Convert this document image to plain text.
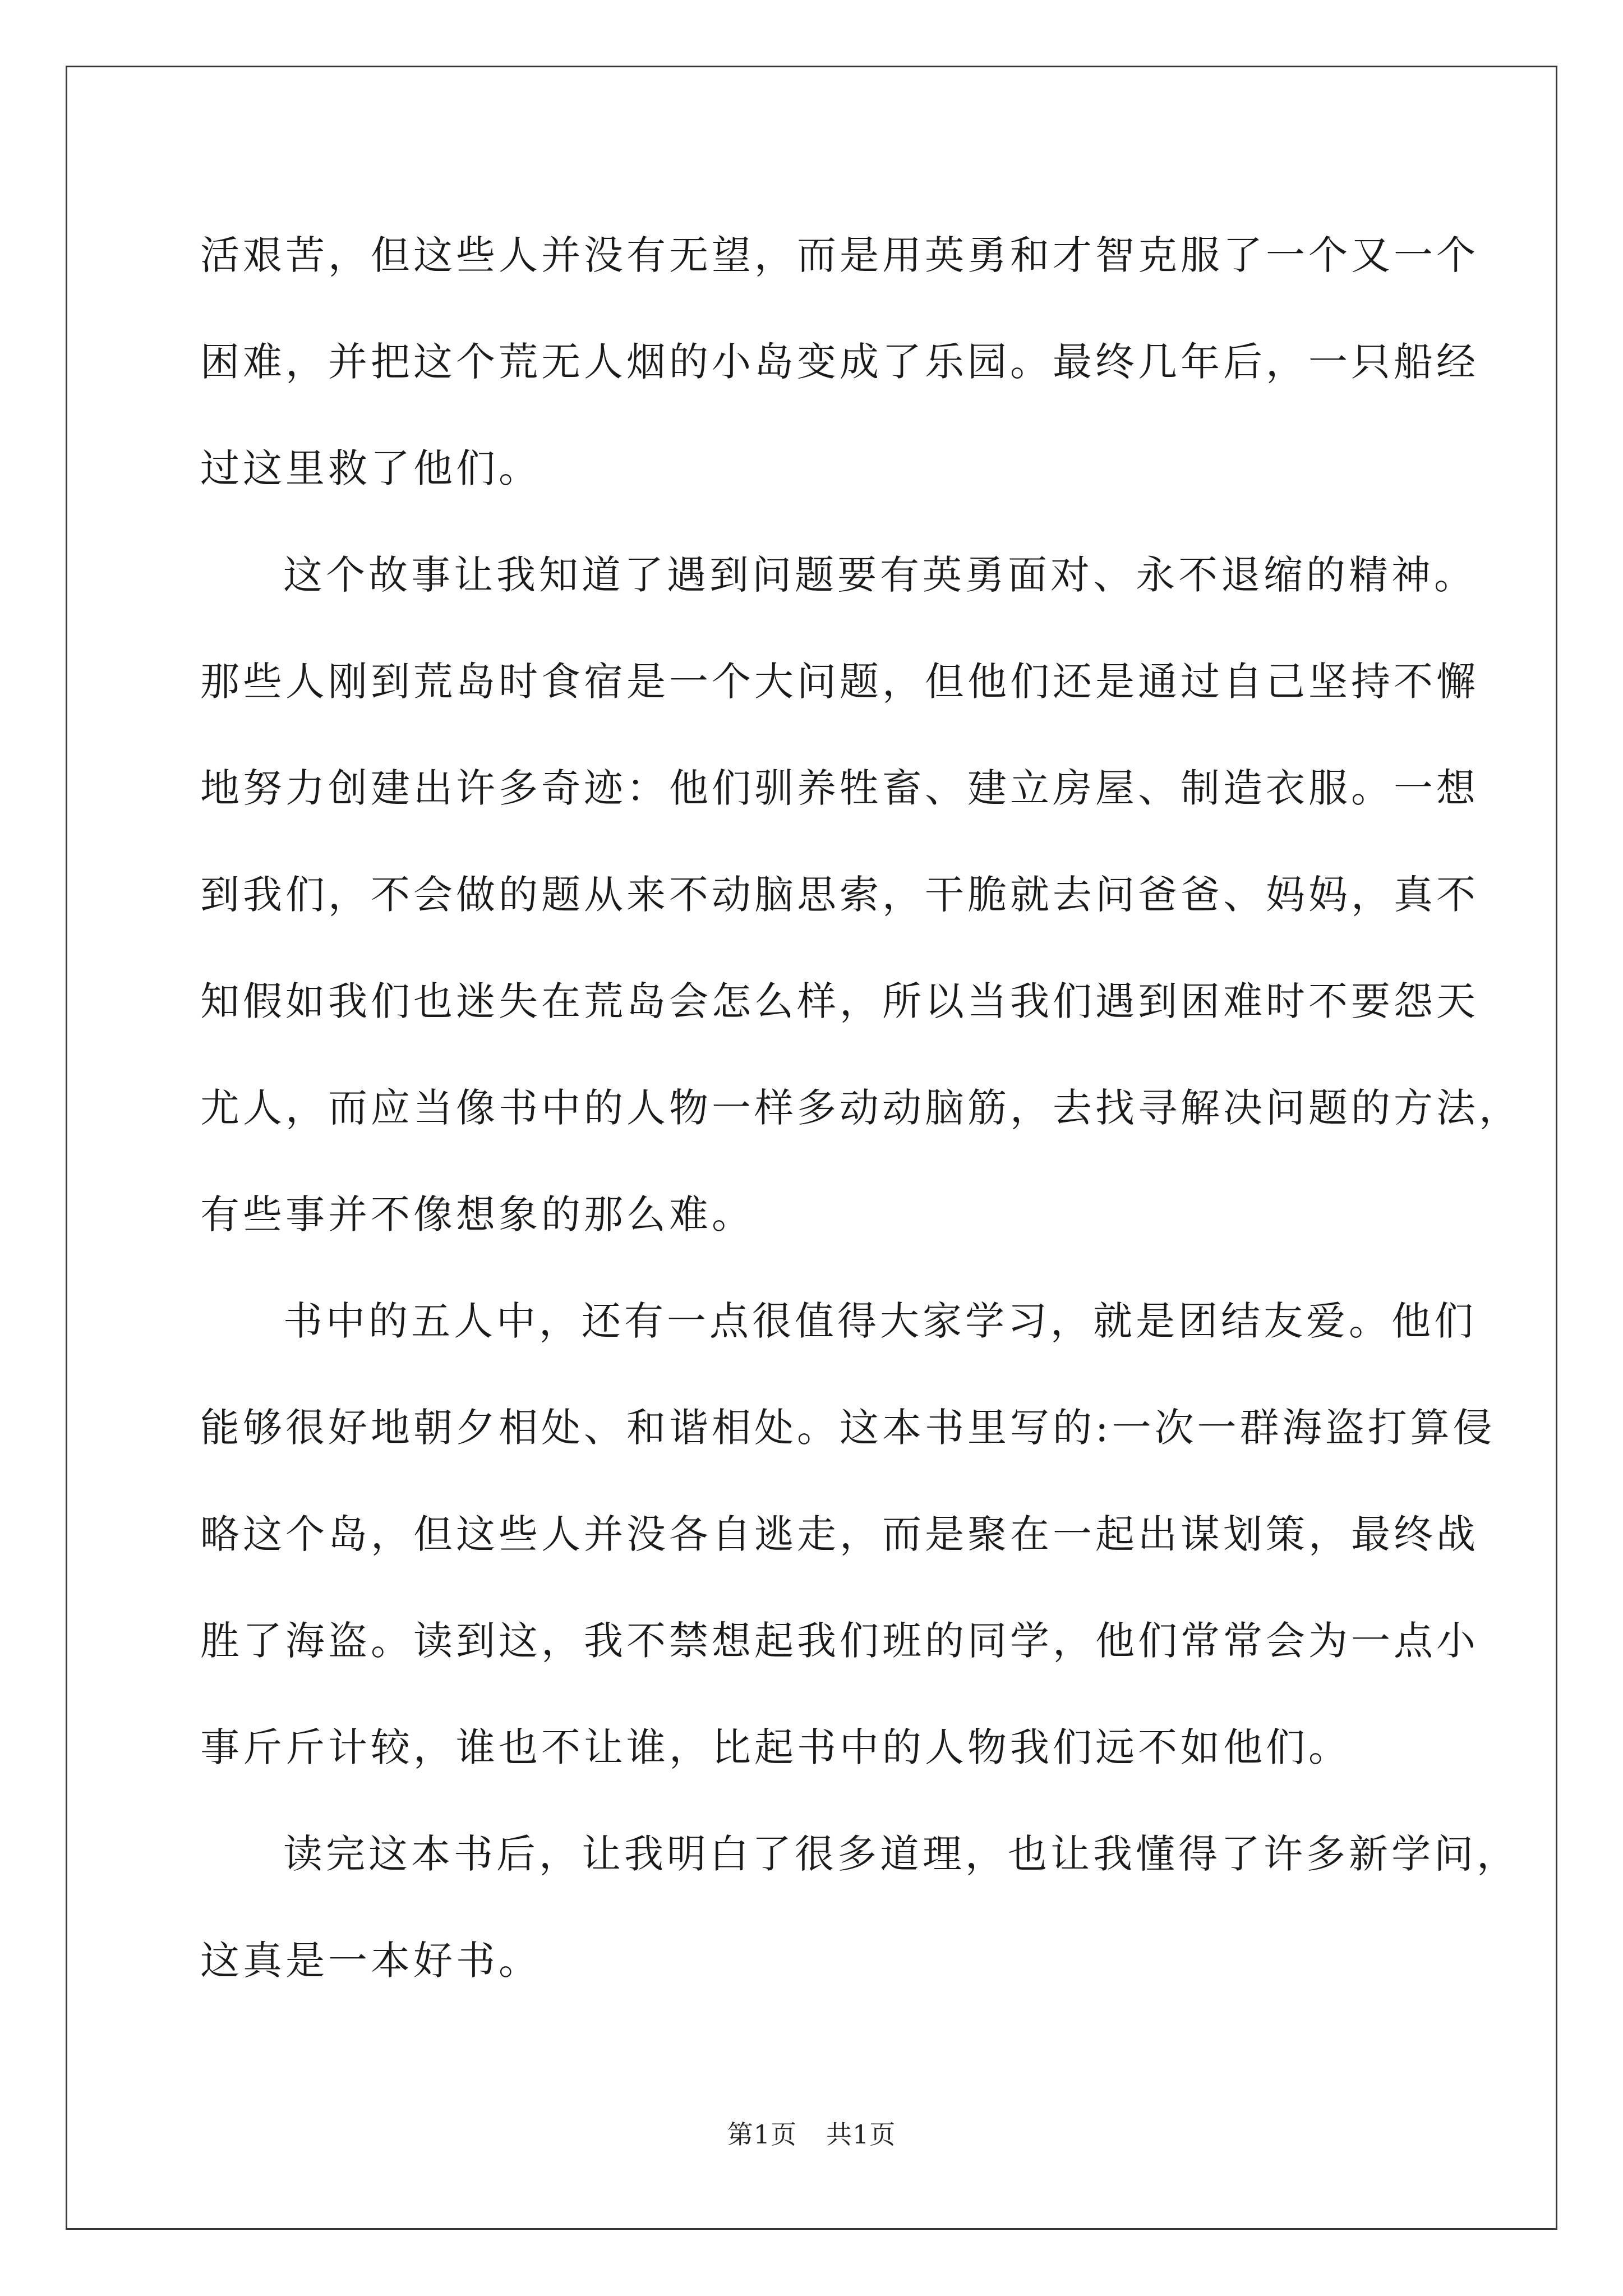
活艰苦，但这些人并没有无望，而是用英勇和才智克服了一个又一个
困难，并把这个荒无人烟的小岛变成了乐园。最终几年后，一只船经
过这里救了他们。
这个故事让我知道了遇到问题要有英勇面对、永不退缩的精神。
那些人刚到荒岛时食宿是一个大问题，但他们还是通过自己坚持不懈
地努力创建出许多奇迹：他们驯养牲畜、建立房屋、制造衣服。一想
到我们，不会做的题从来不动脑思索，干脆就去问爸爸、妈妈，真不
知假如我们也迷失在荒岛会怎么样，所以当我们遇到困难时不要怨天
尤人，而应当像书中的人物一样多动动脑筋，去找寻解决问题的方法，
有些事并不像想象的那么难。
书中的五人中，还有一点很值得大家学习，就是团结友爱。他们
能够很好地朝夕相处、和谐相处。这本书里写的:一次一群海盗打算侵
略这个岛，但这些人并没各自逃走，而是聚在一起出谋划策，最终战
胜了海盗。读到这，我不禁想起我们班的同学，他们常常会为一点小
事斤斤计较，谁也不让谁，比起书中的人物我们远不如他们。
读完这本书后，让我明白了很多道理，也让我懂得了许多新学问，
这真是一本好书。
第1页 共1页
